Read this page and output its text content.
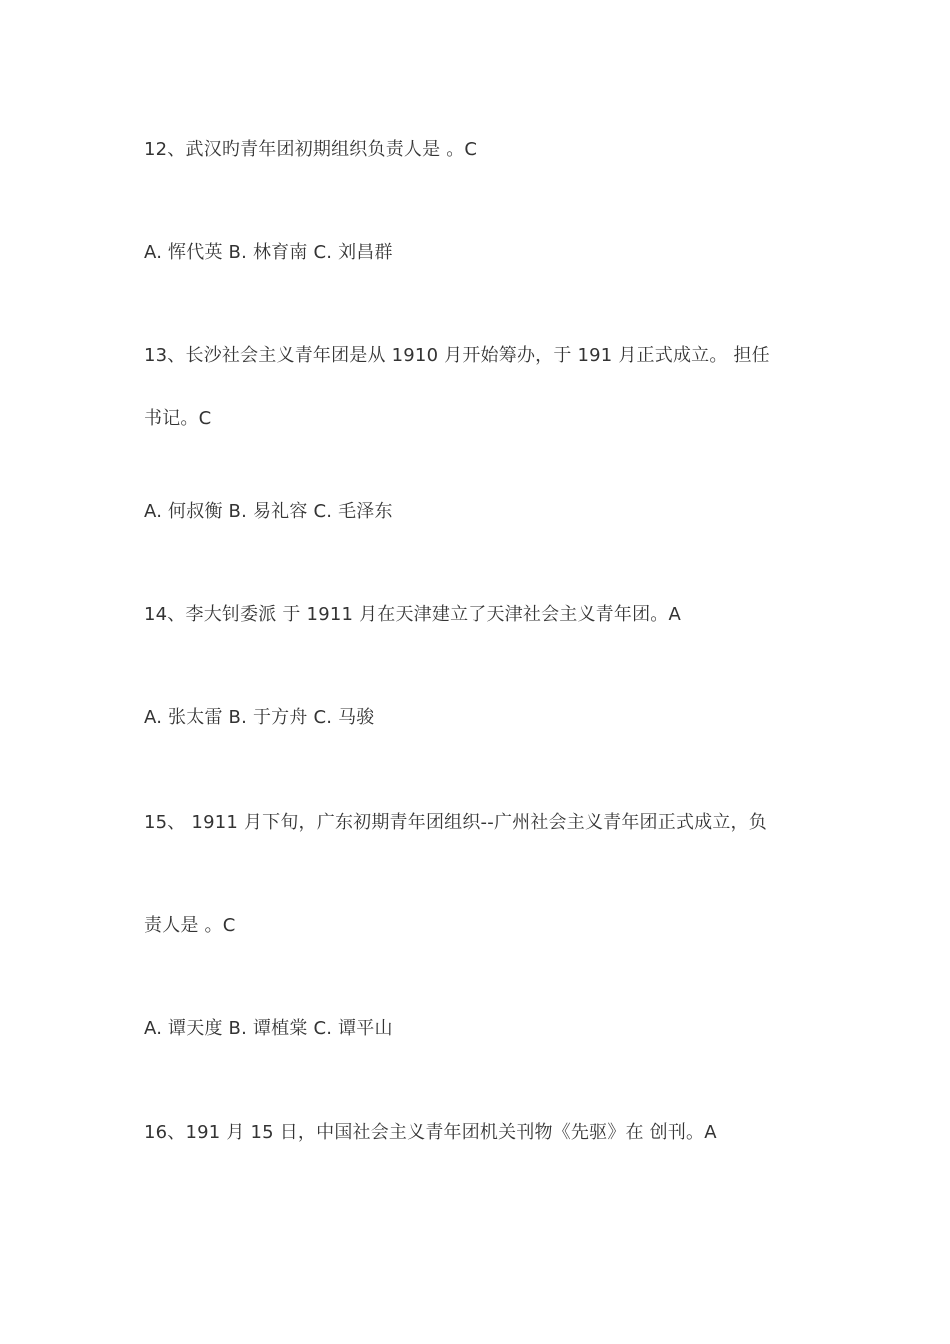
12、武汉旳青年团初期组织负责人是 。C
A. 恽代英 B. 林育南 C. 刘昌群
13、长沙社会主义青年团是从 1910 月开始筹办，于 191 月正式成立。 担任
书记。C
A. 何叔衡 B. 易礼容 C. 毛泽东
14、李大钊委派 于 1911 月在天津建立了天津社会主义青年团。A
A. 张太雷 B. 于方舟 C. 马骏
15、 1911 月下旬，广东初期青年团组织--广州社会主义青年团正式成立，负
责人是 。C
A. 谭天度 B. 谭植棠 C. 谭平山
16、191 月 15 日，中国社会主义青年团机关刊物《先驱》在 创刊。A
